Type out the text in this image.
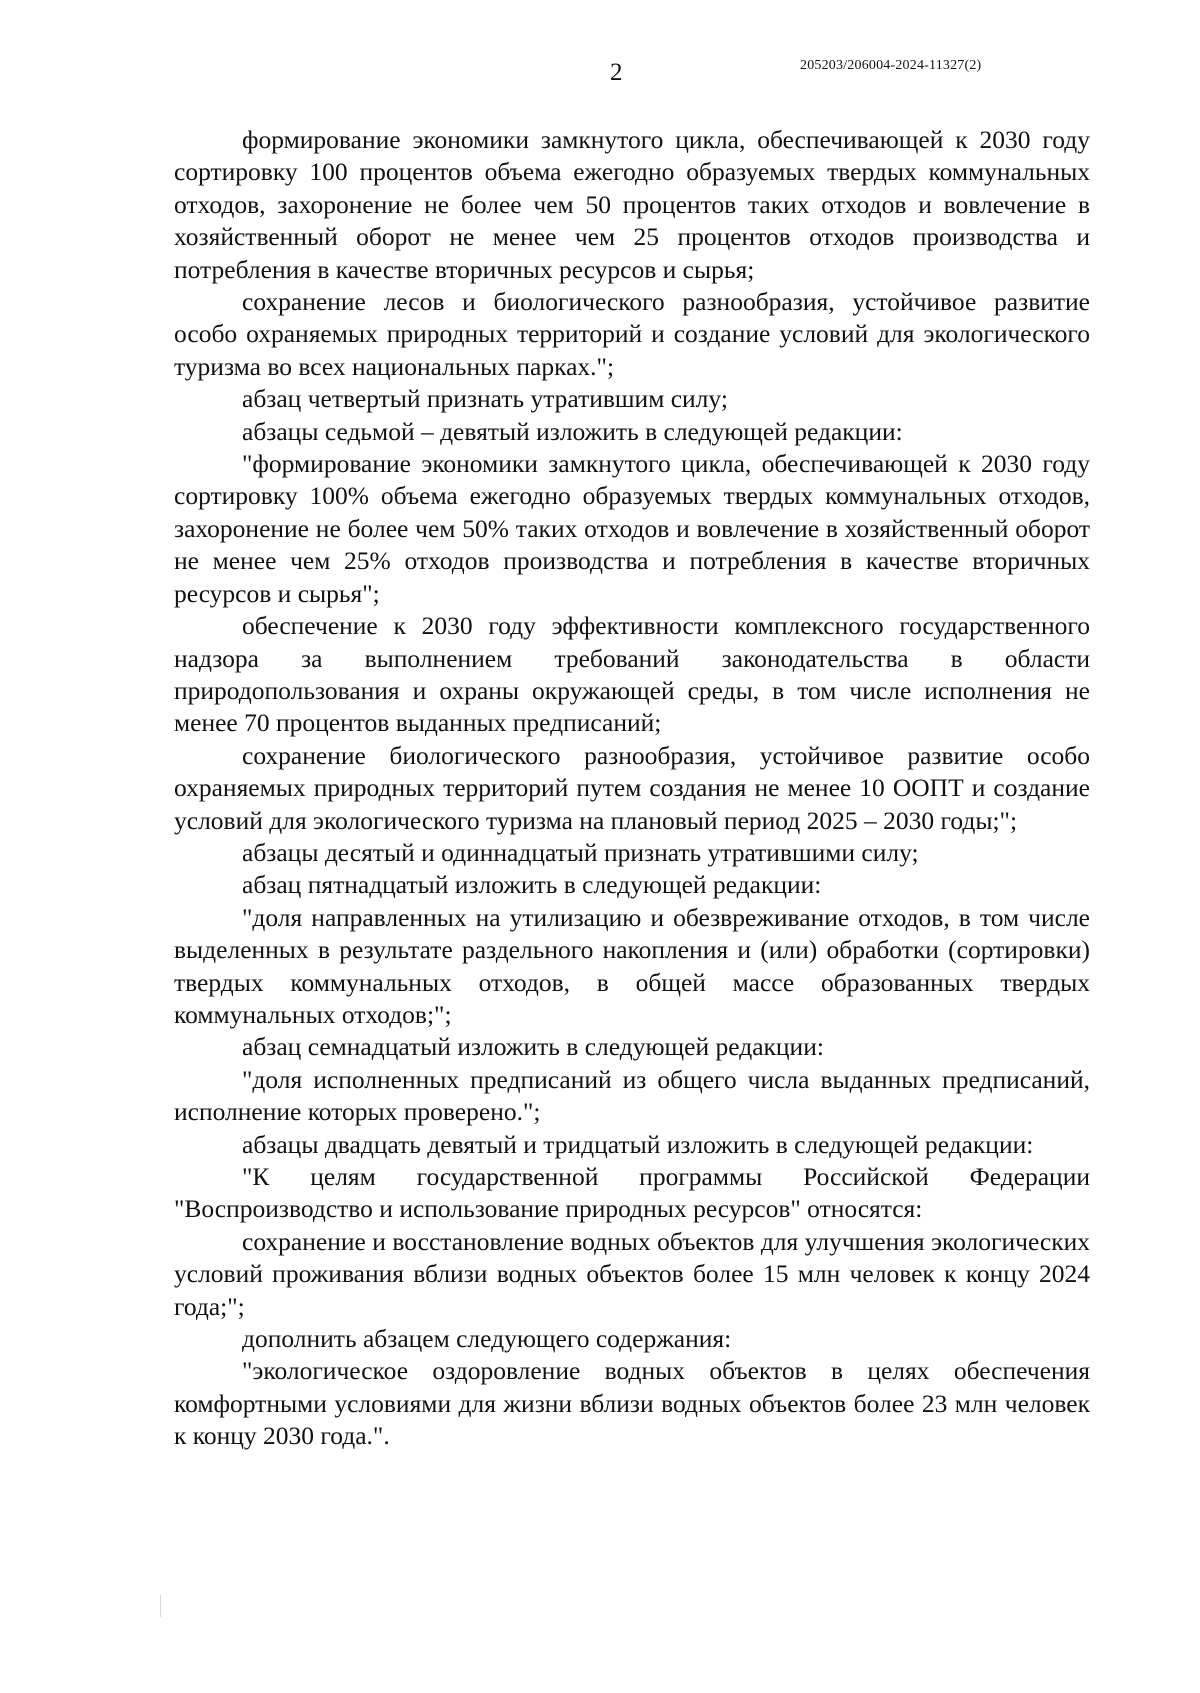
2	205203/206004-2024-11327(2)

формирование экономики замкнутого цикла, обеспечивающей к 2030 году сортировку 100 процентов объема ежегодно образуемых твердых коммунальных отходов, захоронение не более чем 50 процентов таких отходов и вовлечение в хозяйственный оборот не менее чем 25 процентов отходов производства и потребления в качестве вторичных ресурсов и сырья;

сохранение лесов и биологического разнообразия, устойчивое развитие особо охраняемых природных территорий и создание условий для экологического туризма во всех национальных парках.";

абзац четвертый признать утратившим силу;

абзацы седьмой – девятый изложить в следующей редакции:

"формирование экономики замкнутого цикла, обеспечивающей к 2030 году сортировку 100% объема ежегодно образуемых твердых коммунальных отходов, захоронение не более чем 50% таких отходов и вовлечение в хозяйственный оборот не менее чем 25% отходов производства и потребления в качестве вторичных ресурсов и сырья";

обеспечение к 2030 году эффективности комплексного государственного надзора за выполнением требований законодательства в области природопользования и охраны окружающей среды, в том числе исполнения не менее 70 процентов выданных предписаний;

сохранение биологического разнообразия, устойчивое развитие особо охраняемых природных территорий путем создания не менее 10 ООПТ и создание условий для экологического туризма на плановый период 2025 – 2030 годы;";

абзацы десятый и одиннадцатый признать утратившими силу;

абзац пятнадцатый изложить в следующей редакции:

"доля направленных на утилизацию и обезвреживание отходов, в том числе выделенных в результате раздельного накопления и (или) обработки (сортировки) твердых коммунальных отходов, в общей массе образованных твердых коммунальных отходов;";

абзац семнадцатый изложить в следующей редакции:

"доля исполненных предписаний из общего числа выданных предписаний, исполнение которых проверено.";

абзацы двадцать девятый и тридцатый изложить в следующей редакции:

"К целям государственной программы Российской Федерации "Воспроизводство и использование природных ресурсов" относятся:

сохранение и восстановление водных объектов для улучшения экологических условий проживания вблизи водных объектов более 15 млн человек к концу 2024 года;";

дополнить абзацем следующего содержания:

"экологическое оздоровление водных объектов в целях обеспечения комфортными условиями для жизни вблизи водных объектов более 23 млн человек к концу 2030 года.".
